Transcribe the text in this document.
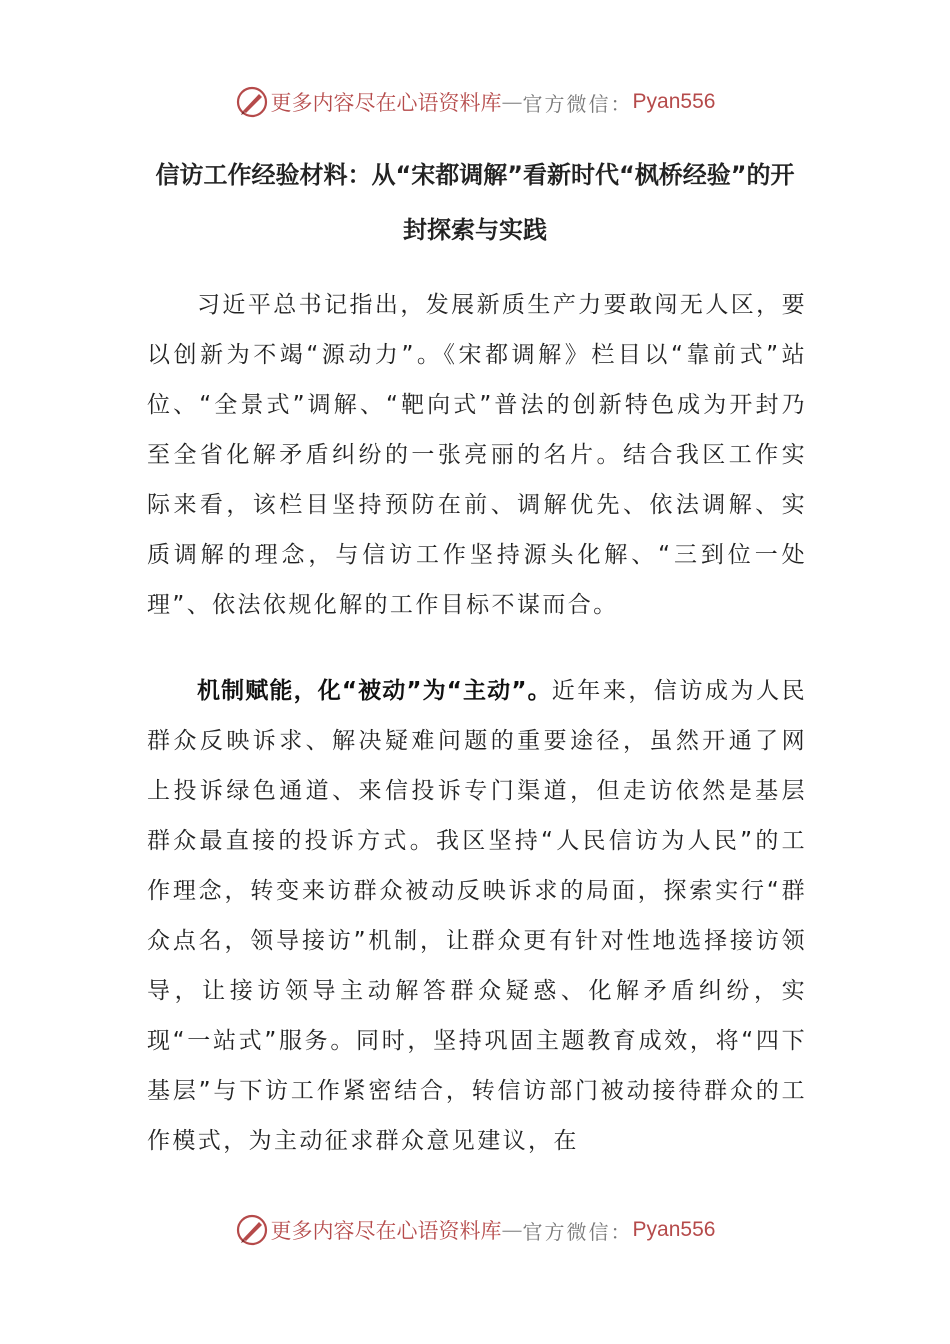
更多内容尽在心语资料库 — 官方微信： Pyan556
信访工作经验材料：从“宋都调解”看新时代“枫桥经验”的开封探索与实践

习近平总书记指出，发展新质生产力要敢闯无人区，要以创新为不竭“源动力”。《宋都调解》栏目以“靠前式”站位、“全景式”调解、“靶向式”普法的创新特色成为开封乃至全省化解矛盾纠纷的一张亮丽的名片。结合我区工作实际来看，该栏目坚持预防在前、调解优先、依法调解、实质调解的理念，与信访工作坚持源头化解、“三到位一处理”、依法依规化解的工作目标不谋而合。

机制赋能，化“被动”为“主动”。近年来，信访成为人民群众反映诉求、解决疑难问题的重要途径，虽然开通了网上投诉绿色通道、来信投诉专门渠道，但走访依然是基层群众最直接的投诉方式。我区坚持“人民信访为人民”的工作理念，转变来访群众被动反映诉求的局面，探索实行“群众点名，领导接访”机制，让群众更有针对性地选择接访领导，让接访领导主动解答群众疑惑、化解矛盾纠纷，实现“一站式”服务。同时，坚持巩固主题教育成效，将“四下基层”与下访工作紧密结合，转信访部门被动接待群众的工作模式，为主动征求群众意见建议，在

更多内容尽在心语资料库 — 官方微信： Pyan556
